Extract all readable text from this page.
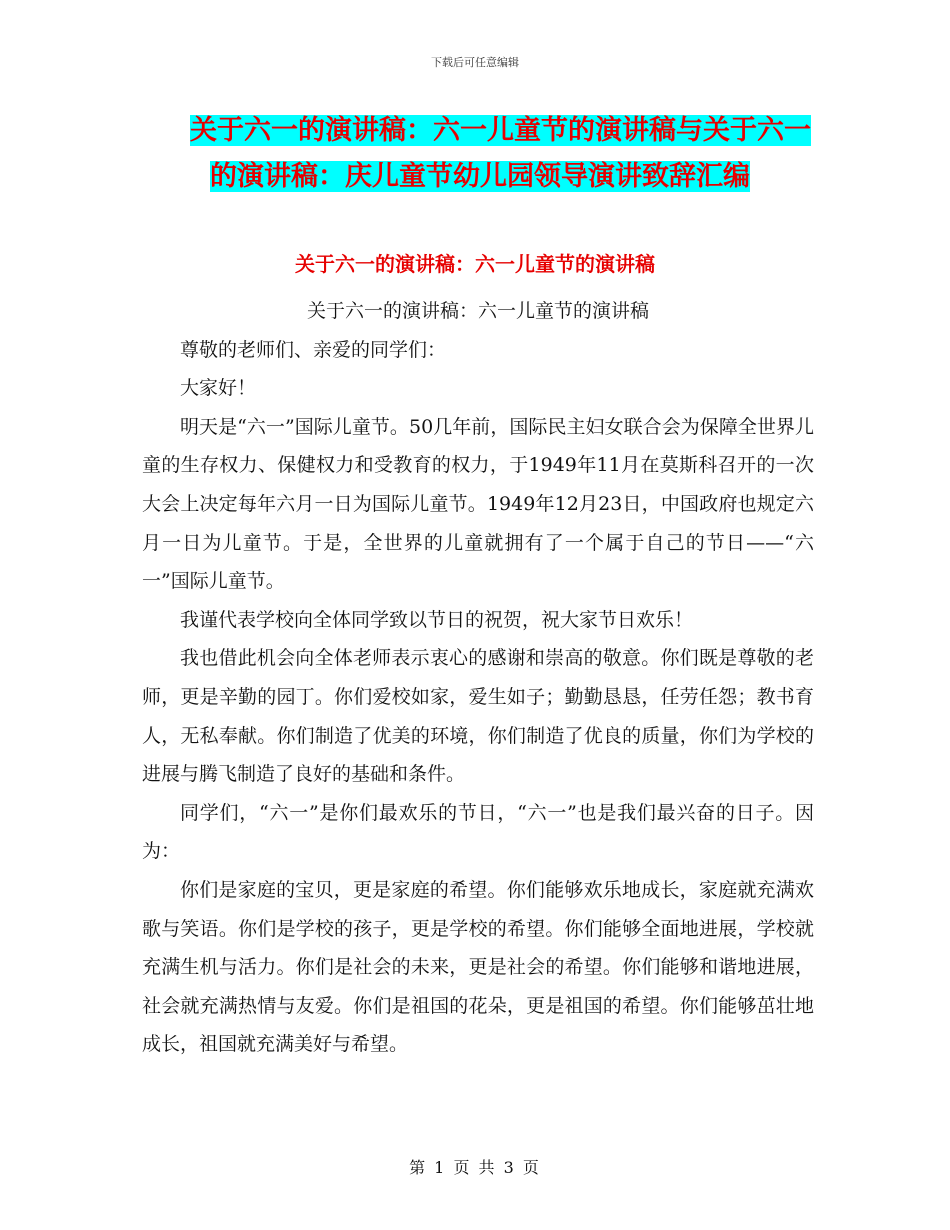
下载后可任意编辑
关于六一的演讲稿：六一儿童节的演讲稿与关于六一
的演讲稿：庆儿童节幼儿园领导演讲致辞汇编
关于六一的演讲稿：六一儿童节的演讲稿

关于六一的演讲稿：六一儿童节的演讲稿

尊敬的老师们、亲爱的同学们：

大家好！

明天是“六一”国际儿童节。50几年前，国际民主妇女联合会为保障全世界儿童的生存权力、保健权力和受教育的权力，于1949年11月在莫斯科召开的一次大会上决定每年六月一日为国际儿童节。1949年12月23日，中国政府也规定六月一日为儿童节。于是，全世界的儿童就拥有了一个属于自己的节日——“六一”国际儿童节。

我谨代表学校向全体同学致以节日的祝贺，祝大家节日欢乐！

我也借此机会向全体老师表示衷心的感谢和崇高的敬意。你们既是尊敬的老师，更是辛勤的园丁。你们爱校如家，爱生如子；勤勤恳恳，任劳任怨；教书育人，无私奉献。你们制造了优美的环境，你们制造了优良的质量，你们为学校的进展与腾飞制造了良好的基础和条件。

同学们，“六一”是你们最欢乐的节日，“六一”也是我们最兴奋的日子。因为：

你们是家庭的宝贝，更是家庭的希望。你们能够欢乐地成长，家庭就充满欢歌与笑语。你们是学校的孩子，更是学校的希望。你们能够全面地进展，学校就充满生机与活力。你们是社会的未来，更是社会的希望。你们能够和谐地进展，社会就充满热情与友爱。你们是祖国的花朵，更是祖国的希望。你们能够茁壮地成长，祖国就充满美好与希望。

第 1 页 共 3 页
